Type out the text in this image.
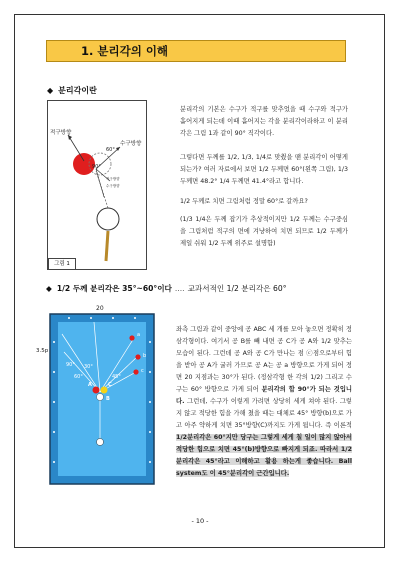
1. 분리각의 이해
◆ 분리각이란
적구방향
수구방향
60°
90°
적구방향
수구방향
그림 1
분리각의 기본은 수구가 적구를 맞추었을 때 수구와 적구가 흩어지게 되는데 이때 흩어지는 각을 분리각이라하고 이 분리각은 그림 1과 같이 90° 직각이다.
그렇다면 두께를 1/2, 1/3, 1/4로 맞췄을 땐 분리각이 어떻게 되는가? 여러 자료에서 보면 1/2 두께면 60°(왼쪽 그림), 1/3 두께면 48.2° 1/4 두께면 41.4°라고 합니다.
1/2 두께로 치면 그림처럼 정말 60°로 갈까요?
(1/3 1/4은 두께 잡기가 추상적이지만 1/2 두께는 수구중심을 그림처럼 적구의 면에 겨냥하여 치면 되므로 1/2 두께가 제일 쉬워 1/2 두께 위주로 설명함)
◆ 1/2 두께 분리각은 35°~60°이다 .... 교과서적인 1/2 분리각은 60°
20
3.5p
A	C
B
90°
60°
30°
45°
a
b
c
좌측 그림과 같이 중앙에 공 ABC 세 개를 모아 놓으면 정확히 정삼각형이다. 여기서 공 B를 빼 내면 공 C가 공 A와 1/2 맞추는 모습이 된다. 그런데 공 A와 공 C가 만나는 점 ⓒ점으로부터 힘을 받아 공 A가 굴러 가므로 공 A는 공 a 방향으로 가게 되어 정면 20 지점과는 30°가 된다. (정삼각형 한 각의 1/2) 그리고 수구는 60° 방향으로 가게 되어 분리각의 합 90°가 되는 것입니다. 그런데, 수구가 이렇게 가려면 상당히 세게 쳐야 된다. 그렇지 않고 적당한 힘을 가해 쳤을 때는 대체로 45° 방향(b)으로 가고 아주 약하게 치면 35°방향(C)까지도 가게 됩니다. 즉 이론적 1/2분리각은 60°지만 당구는 그렇게 세게 칠 일이 많지 않아서 적당한 힘으로 치면 45°(b)방향으로 빠지게 되죠. 따라서 1/2 분리각은 45°라고 이해하고 활용 하는게 좋습니다. Ball system도 이 45°분리각이 근간입니다.
- 10 -
